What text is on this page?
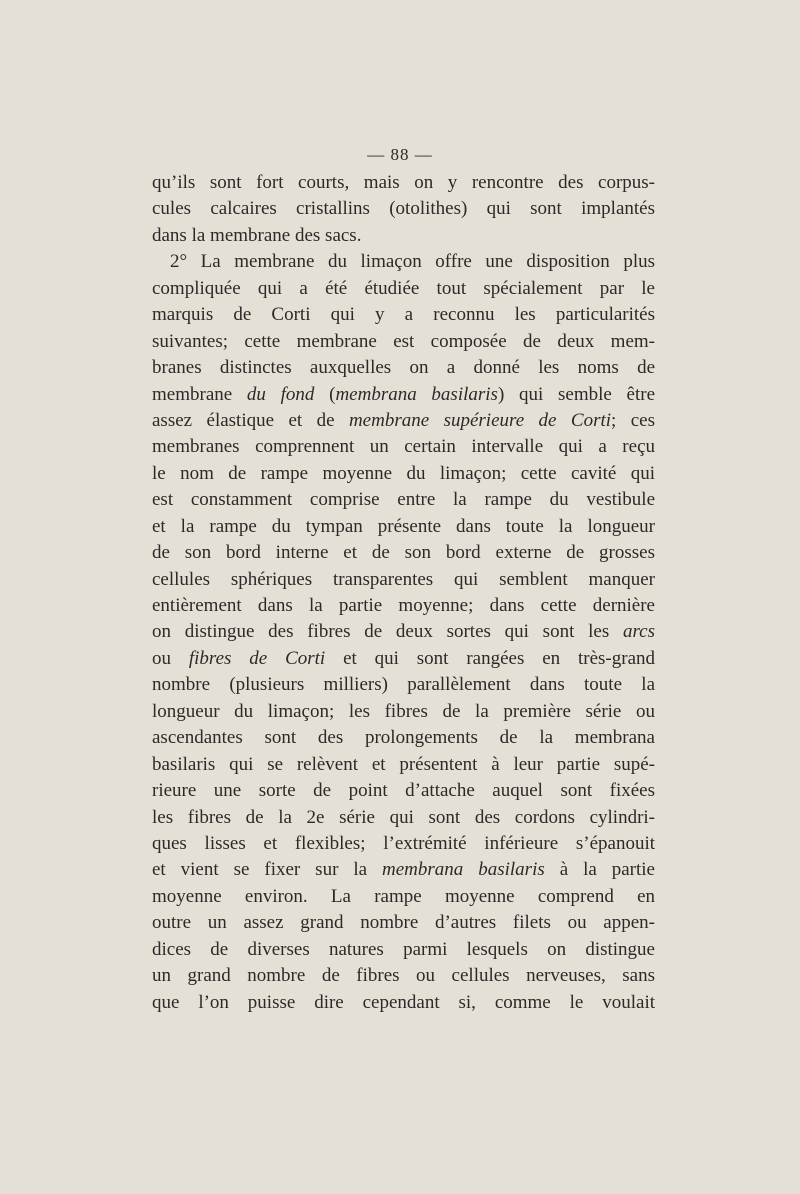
— 88 —
qu’ils sont fort courts, mais on y rencontre des corpus-
cules calcaires cristallins (otolithes) qui sont implantés
dans la membrane des sacs.
2° La membrane du limaçon offre une disposition plus
compliquée qui a été étudiée tout spécialement par le
marquis de Corti qui y a reconnu les particularités
suivantes; cette membrane est composée de deux mem-
branes distinctes auxquelles on a donné les noms de
membrane du fond (membrana basilaris) qui semble être
assez élastique et de membrane supérieure de Corti; ces
membranes comprennent un certain intervalle qui a reçu
le nom de rampe moyenne du limaçon; cette cavité qui
est constamment comprise entre la rampe du vestibule
et la rampe du tympan présente dans toute la longueur
de son bord interne et de son bord externe de grosses
cellules sphériques transparentes qui semblent manquer
entièrement dans la partie moyenne; dans cette dernière
on distingue des fibres de deux sortes qui sont les arcs
ou fibres de Corti et qui sont rangées en très-grand
nombre (plusieurs milliers) parallèlement dans toute la
longueur du limaçon; les fibres de la première série ou
ascendantes sont des prolongements de la membrana
basilaris qui se relèvent et présentent à leur partie supé-
rieure une sorte de point d’attache auquel sont fixées
les fibres de la 2e série qui sont des cordons cylindri-
ques lisses et flexibles; l’extrémité inférieure s’épanouit
et vient se fixer sur la membrana basilaris à la partie
moyenne environ. La rampe moyenne comprend en
outre un assez grand nombre d’autres filets ou appen-
dices de diverses natures parmi lesquels on distingue
un grand nombre de fibres ou cellules nerveuses, sans
que l’on puisse dire cependant si, comme le voulait
